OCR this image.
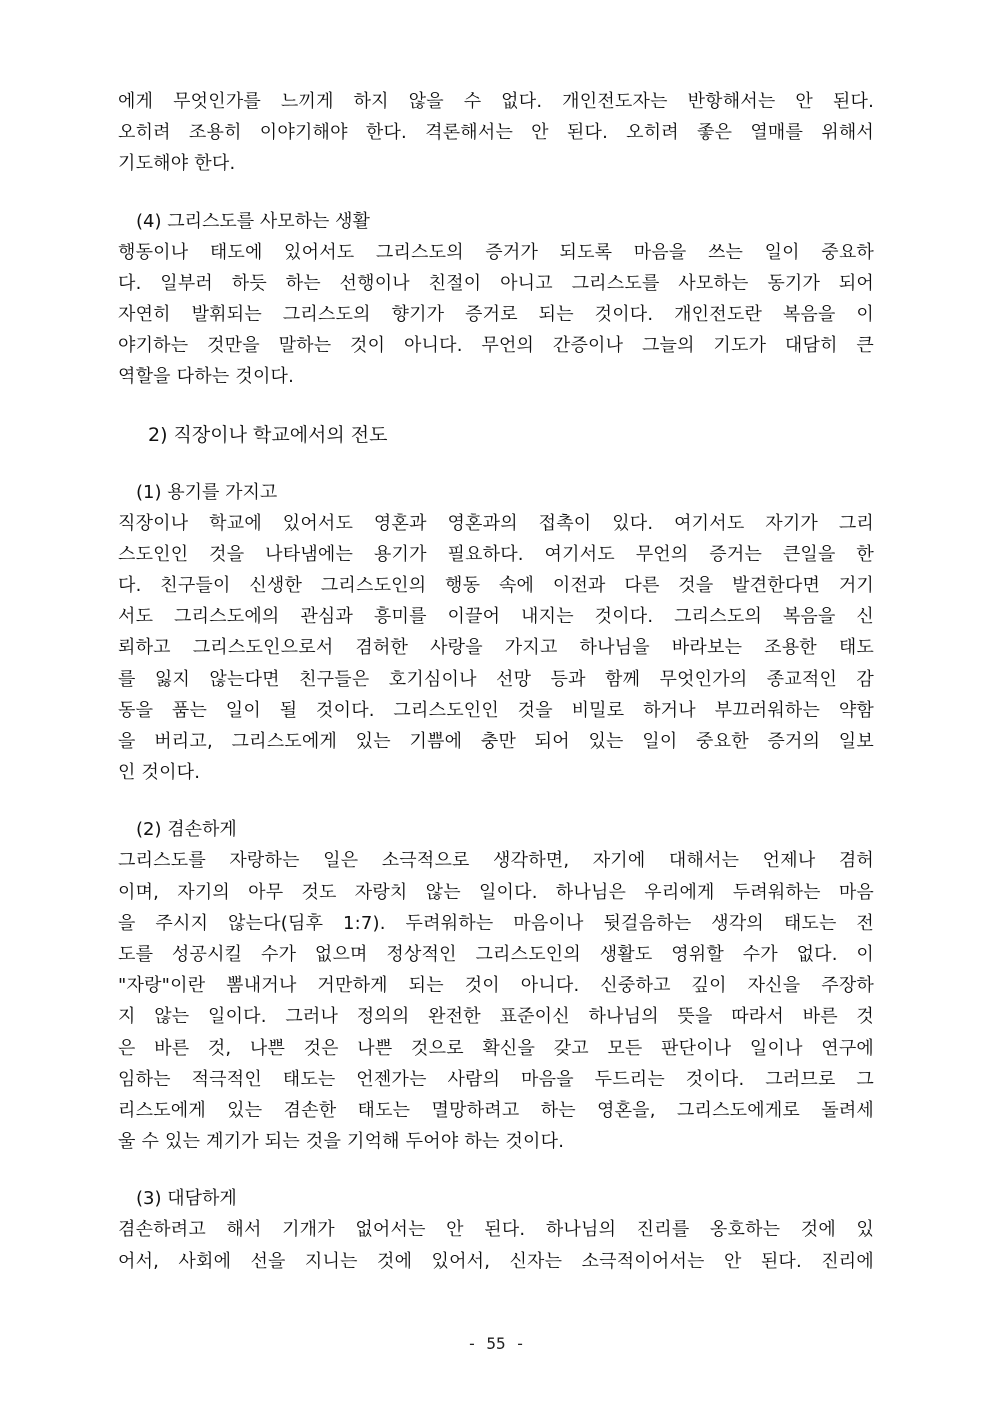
에게 무엇인가를 느끼게 하지 않을 수 없다. 개인전도자는 반항해서는 안 된다.
오히려 조용히 이야기해야 한다. 격론해서는 안 된다. 오히려 좋은 열매를 위해서
기도해야 한다.
(4) 그리스도를 사모하는 생활
행동이나 태도에 있어서도 그리스도의 증거가 되도록 마음을 쓰는 일이 중요하
다. 일부러 하듯 하는 선행이나 친절이 아니고 그리스도를 사모하는 동기가 되어
자연히 발휘되는 그리스도의 향기가 증거로 되는 것이다. 개인전도란 복음을 이
야기하는 것만을 말하는 것이 아니다. 무언의 간증이나 그늘의 기도가 대담히 큰
역할을 다하는 것이다.
2) 직장이나 학교에서의 전도
(1) 용기를 가지고
직장이나 학교에 있어서도 영혼과 영혼과의 접촉이 있다. 여기서도 자기가 그리
스도인인 것을 나타냄에는 용기가 필요하다. 여기서도 무언의 증거는 큰일을 한
다. 친구들이 신생한 그리스도인의 행동 속에 이전과 다른 것을 발견한다면 거기
서도 그리스도에의 관심과 흥미를 이끌어 내지는 것이다. 그리스도의 복음을 신
뢰하고 그리스도인으로서 겸허한 사랑을 가지고 하나님을 바라보는 조용한 태도
를 잃지 않는다면 친구들은 호기심이나 선망 등과 함께 무엇인가의 종교적인 감
동을 품는 일이 될 것이다. 그리스도인인 것을 비밀로 하거나 부끄러워하는 약함
을 버리고, 그리스도에게 있는 기쁨에 충만 되어 있는 일이 중요한 증거의 일보
인 것이다.
(2) 겸손하게
그리스도를 자랑하는 일은 소극적으로 생각하면, 자기에 대해서는 언제나 겸허
이며, 자기의 아무 것도 자랑치 않는 일이다. 하나님은 우리에게 두려워하는 마음
을 주시지 않는다(딤후 1:7). 두려워하는 마음이나 뒷걸음하는 생각의 태도는 전
도를 성공시킬 수가 없으며 정상적인 그리스도인의 생활도 영위할 수가 없다. 이
"자랑"이란 뽐내거나 거만하게 되는 것이 아니다. 신중하고 깊이 자신을 주장하
지 않는 일이다. 그러나 정의의 완전한 표준이신 하나님의 뜻을 따라서 바른 것
은 바른 것, 나쁜 것은 나쁜 것으로 확신을 갖고 모든 판단이나 일이나 연구에
임하는 적극적인 태도는 언젠가는 사람의 마음을 두드리는 것이다. 그러므로 그
리스도에게 있는 겸손한 태도는 멸망하려고 하는 영혼을, 그리스도에게로 돌려세
울 수 있는 계기가 되는 것을 기억해 두어야 하는 것이다.
(3) 대담하게
겸손하려고 해서 기개가 없어서는 안 된다. 하나님의 진리를 옹호하는 것에 있
어서, 사회에 선을 지니는 것에 있어서, 신자는 소극적이어서는 안 된다. 진리에
- 55 -
